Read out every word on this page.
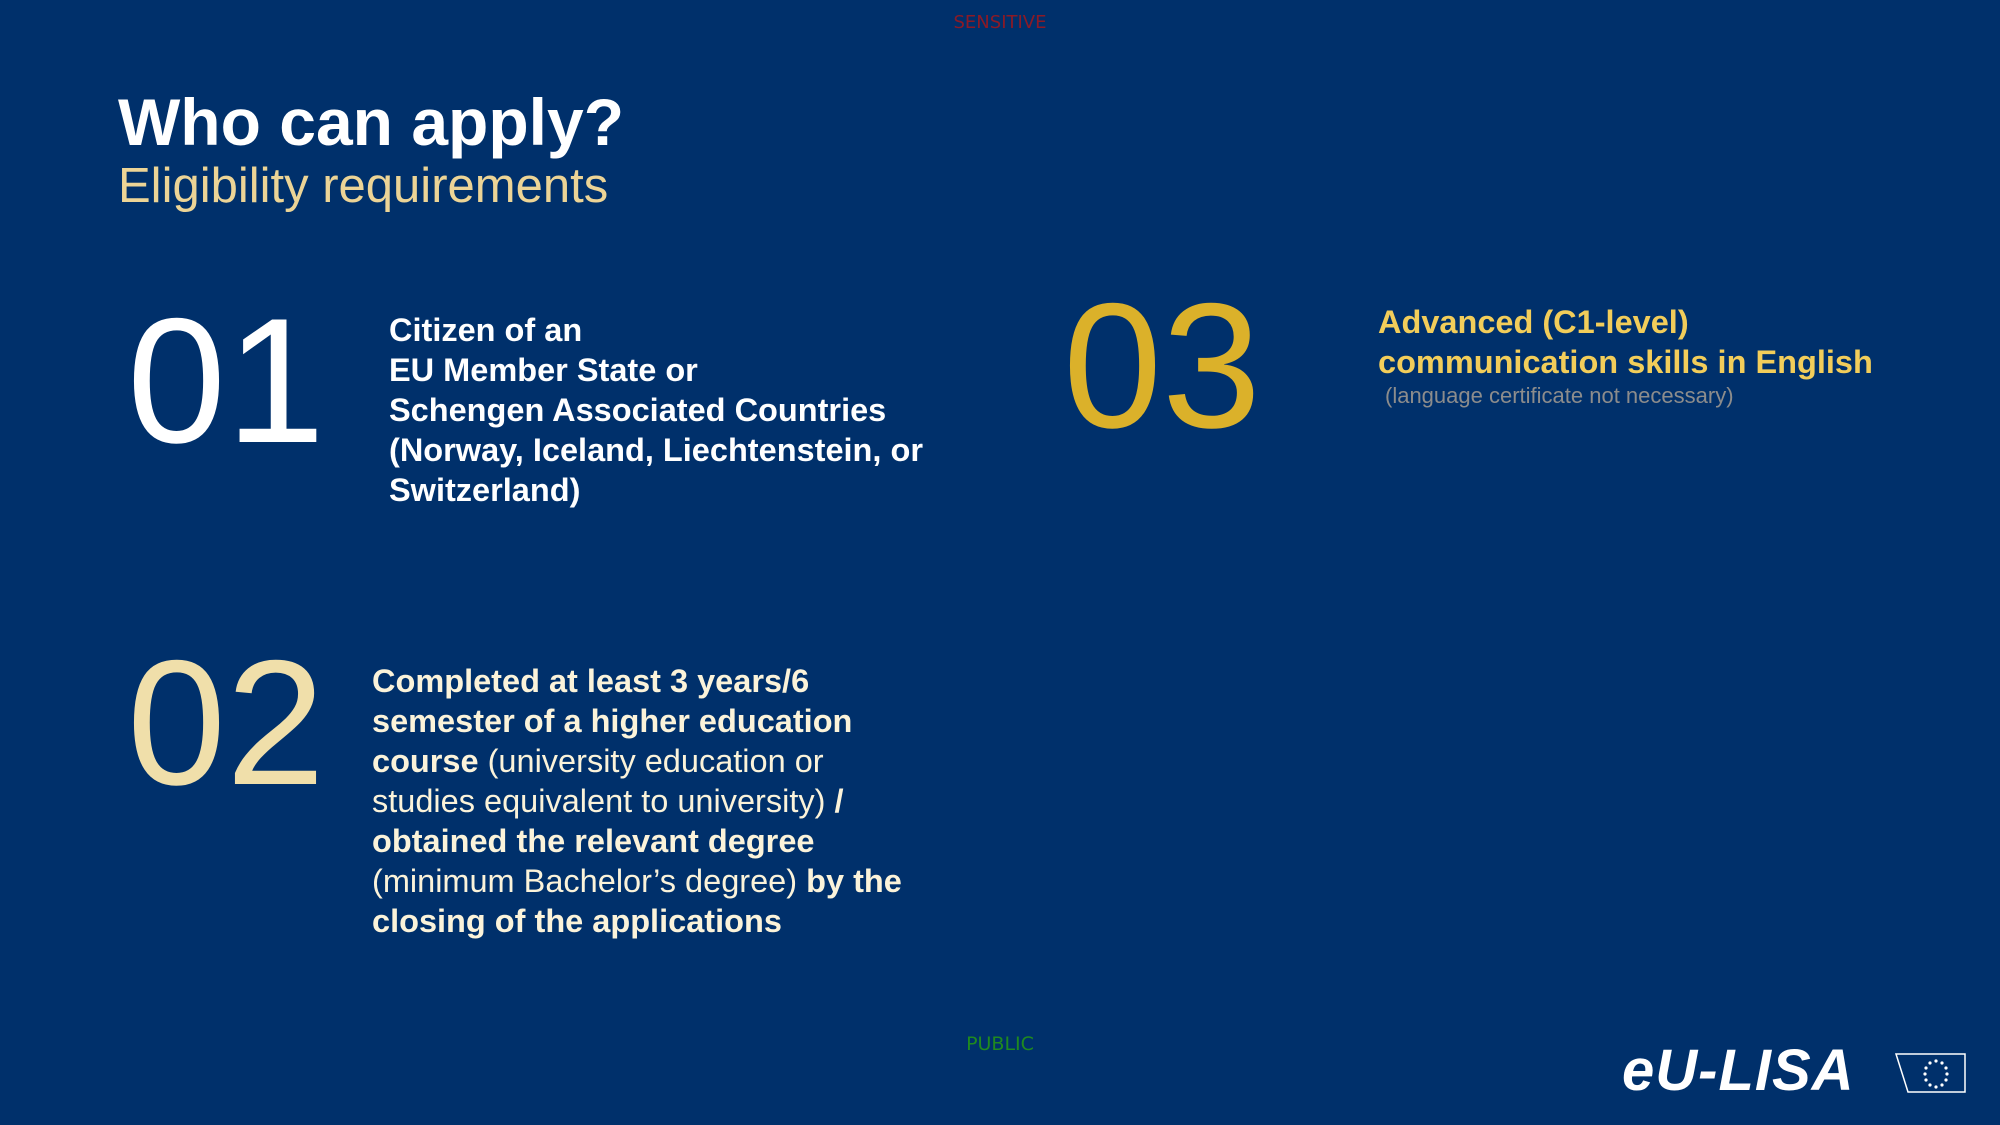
SENSITIVE
Who can apply?
Eligibility requirements
01 Citizen of an
EU Member State or
Schengen Associated Countries
(Norway, Iceland, Liechtenstein, or
Switzerland)
02 Completed at least 3 years/6
semester of a higher education
course (university education or
studies equivalent to university) /
obtained the relevant degree
(minimum Bachelor’s degree) by the
closing of the applications
03	Advanced (C1-level)
communication skills in English
(language certificate not necessary)
PUBLIC	eU-LISA
